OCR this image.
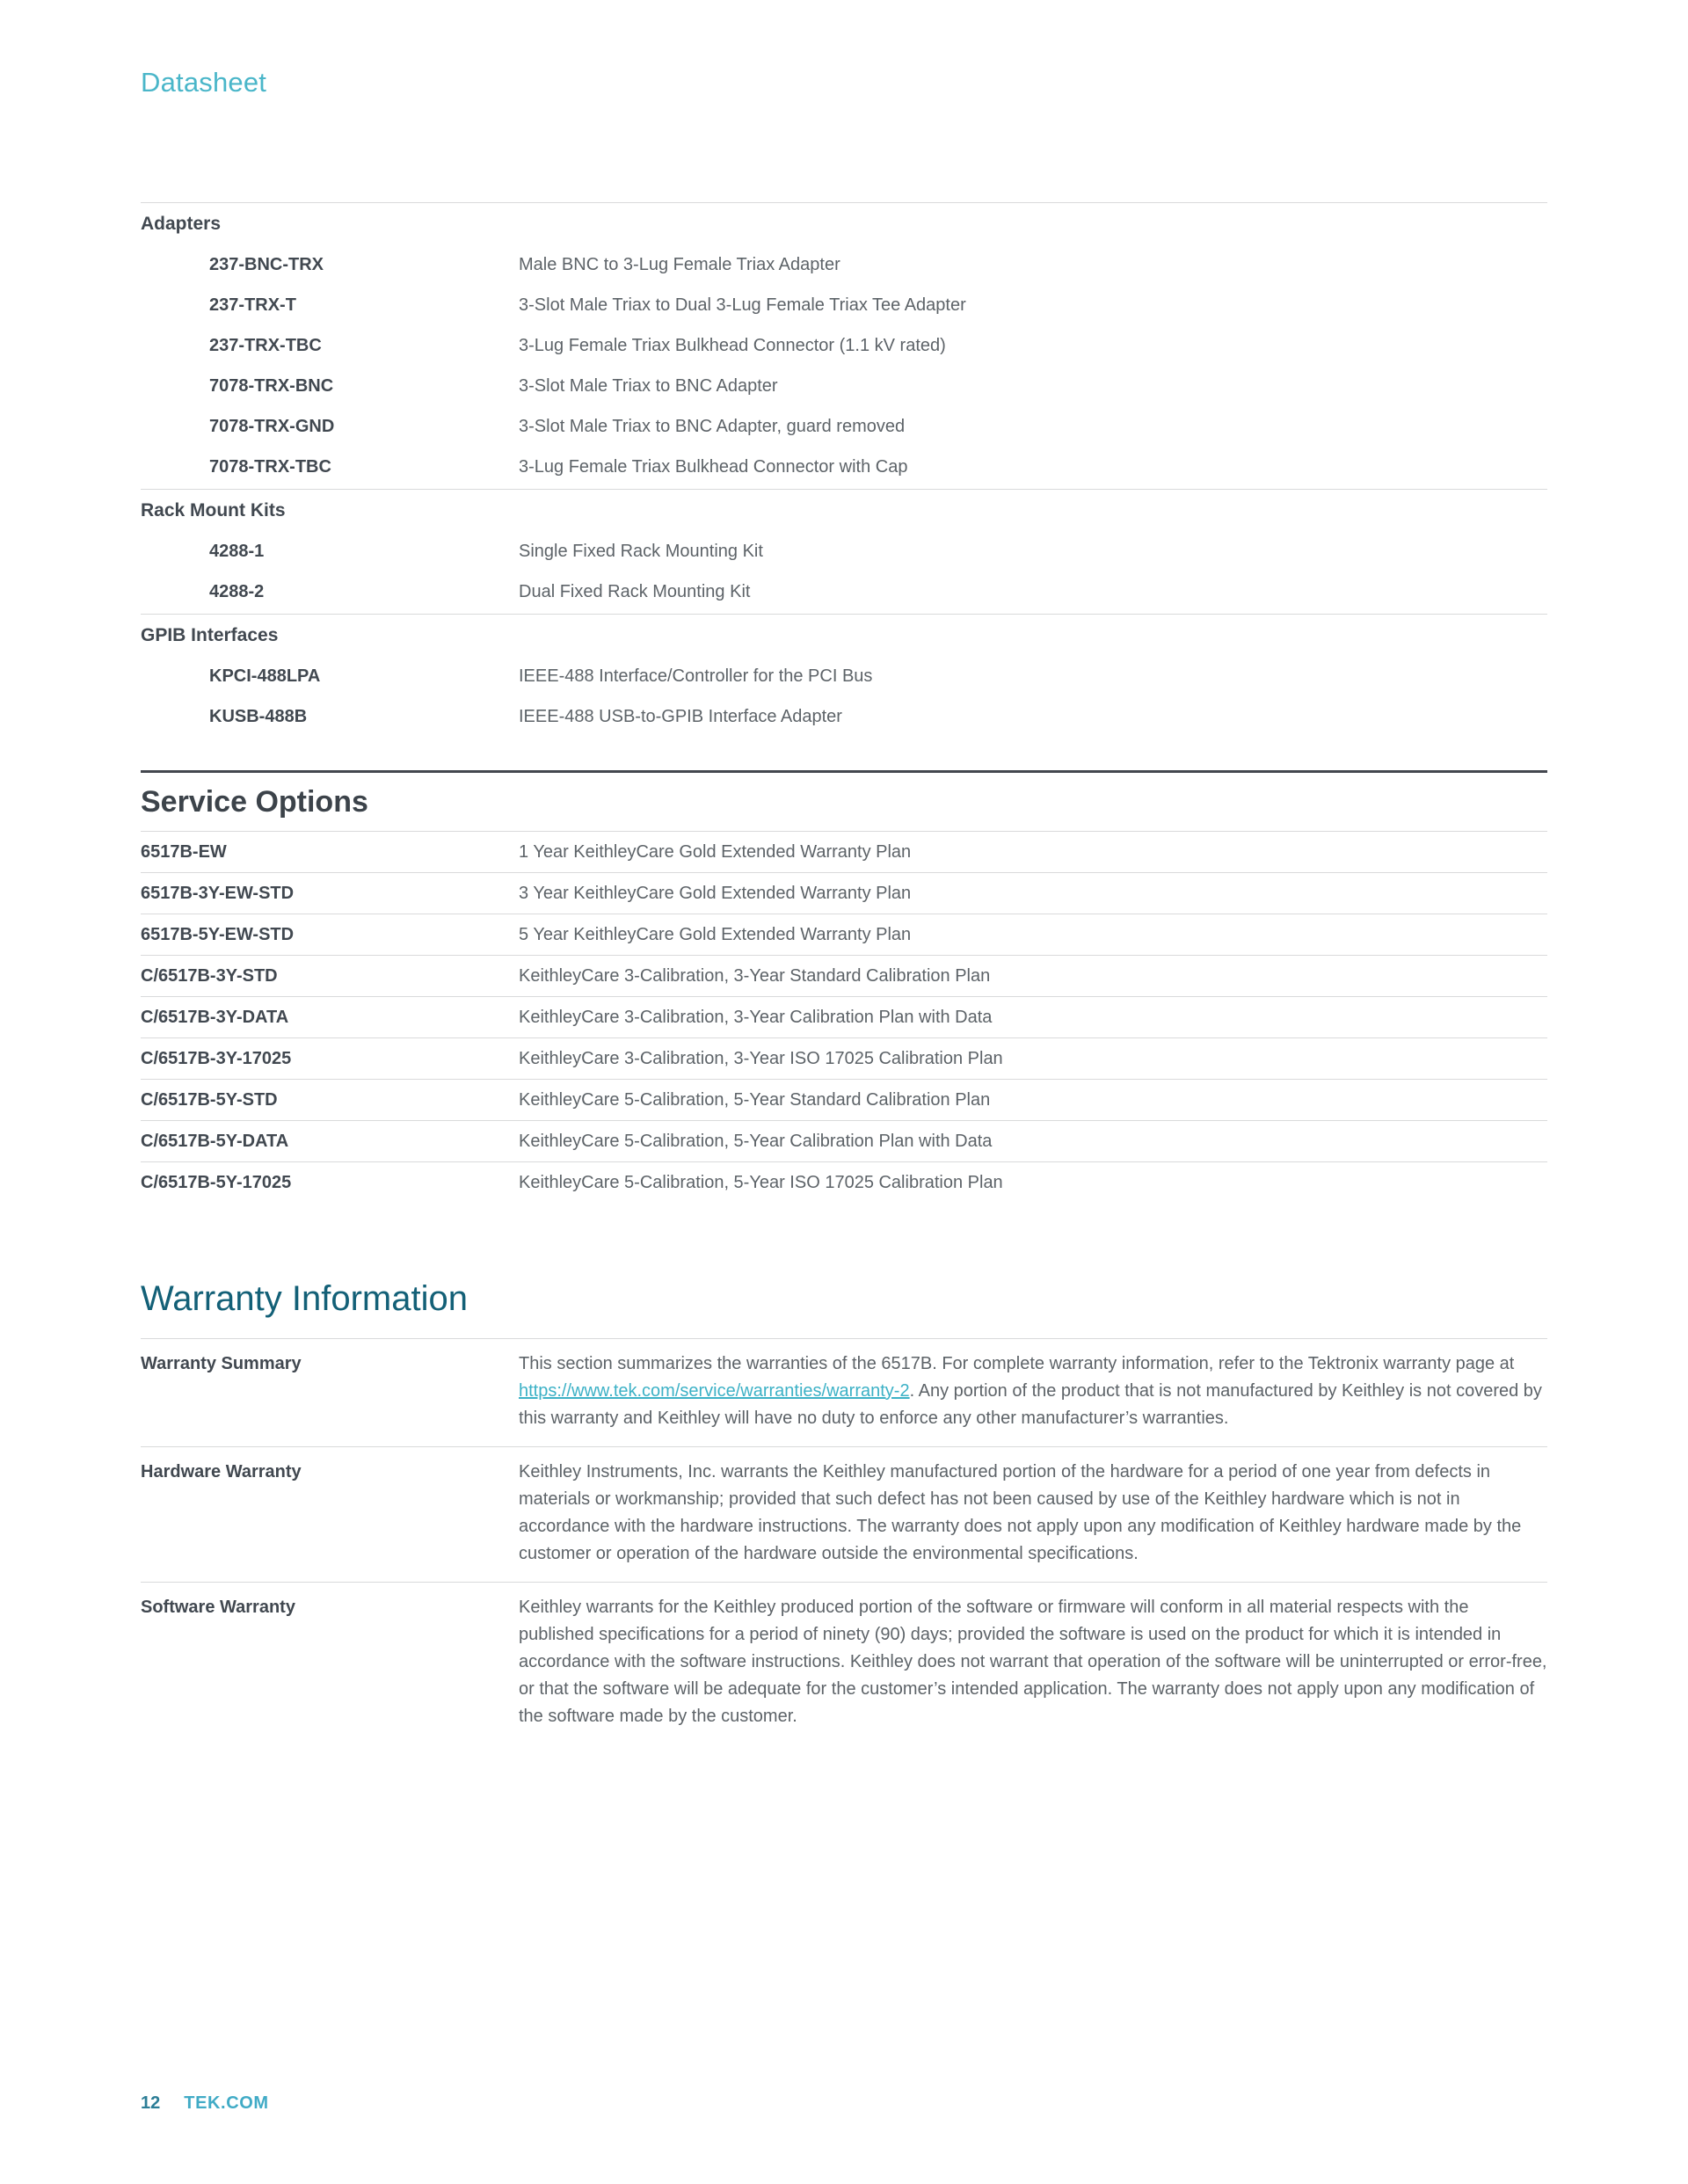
Datasheet
Adapters
237-BNC-TRX	Male BNC to 3-Lug Female Triax Adapter
237-TRX-T	3-Slot Male Triax to Dual 3-Lug Female Triax Tee Adapter
237-TRX-TBC	3-Lug Female Triax Bulkhead Connector (1.1 kV rated)
7078-TRX-BNC	3-Slot Male Triax to BNC Adapter
7078-TRX-GND	3-Slot Male Triax to BNC Adapter, guard removed
7078-TRX-TBC	3-Lug Female Triax Bulkhead Connector with Cap
Rack Mount Kits
4288-1	Single Fixed Rack Mounting Kit
4288-2	Dual Fixed Rack Mounting Kit
GPIB Interfaces
KPCI-488LPA	IEEE-488 Interface/Controller for the PCI Bus
KUSB-488B	IEEE-488 USB-to-GPIB Interface Adapter
Service Options
6517B-EW	1 Year KeithleyCare Gold Extended Warranty Plan
6517B-3Y-EW-STD	3 Year KeithleyCare Gold Extended Warranty Plan
6517B-5Y-EW-STD	5 Year KeithleyCare Gold Extended Warranty Plan
C/6517B-3Y-STD	KeithleyCare 3-Calibration, 3-Year Standard Calibration Plan
C/6517B-3Y-DATA	KeithleyCare 3-Calibration, 3-Year Calibration Plan with Data
C/6517B-3Y-17025	KeithleyCare 3-Calibration, 3-Year ISO 17025 Calibration Plan
C/6517B-5Y-STD	KeithleyCare 5-Calibration, 5-Year Standard Calibration Plan
C/6517B-5Y-DATA	KeithleyCare 5-Calibration, 5-Year Calibration Plan with Data
C/6517B-5Y-17025	KeithleyCare 5-Calibration, 5-Year ISO 17025 Calibration Plan
Warranty Information
Warranty Summary	This section summarizes the warranties of the 6517B. For complete warranty information, refer to the Tektronix warranty page at https://www.tek.com/service/warranties/warranty-2. Any portion of the product that is not manufactured by Keithley is not covered by this warranty and Keithley will have no duty to enforce any other manufacturer’s warranties.
Hardware Warranty	Keithley Instruments, Inc. warrants the Keithley manufactured portion of the hardware for a period of one year from defects in materials or workmanship; provided that such defect has not been caused by use of the Keithley hardware which is not in accordance with the hardware instructions. The warranty does not apply upon any modification of Keithley hardware made by the customer or operation of the hardware outside the environmental specifications.
Software Warranty	Keithley warrants for the Keithley produced portion of the software or firmware will conform in all material respects with the published specifications for a period of ninety (90) days; provided the software is used on the product for which it is intended in accordance with the software instructions. Keithley does not warrant that operation of the software will be uninterrupted or error-free, or that the software will be adequate for the customer’s intended application. The warranty does not apply upon any modification of the software made by the customer.
12 TEK.COM
